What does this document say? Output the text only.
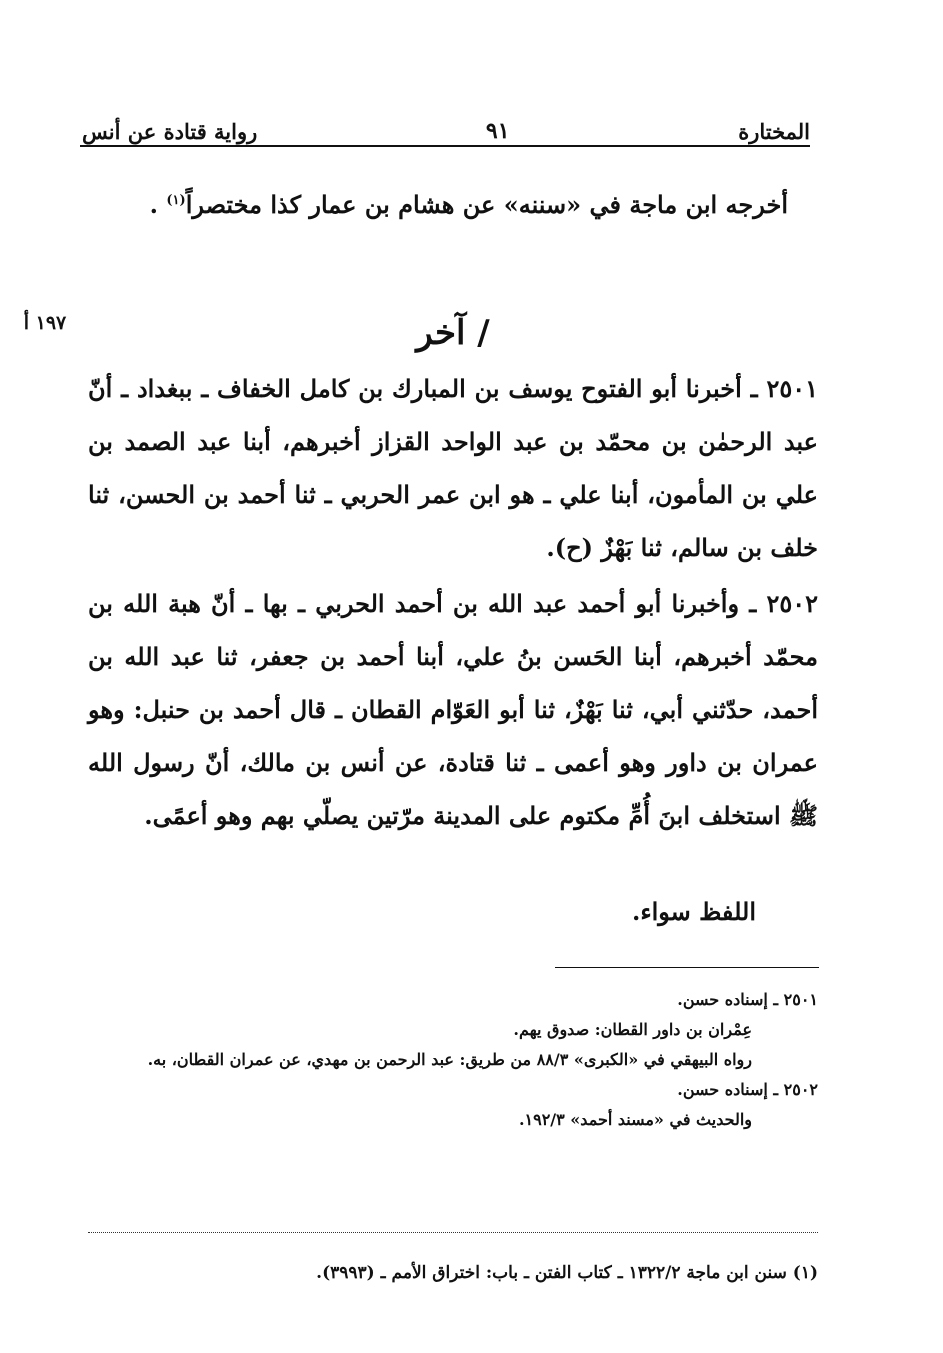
المختارة
٩١
رواية قتادة عن أنس
أخرجه ابن ماجة في «سننه» عن هشام بن عمار كذا مختصراً$^{(١)}$ .
١٩٧ أ	/ آخر
٢٥٠١ ـ أخبرنا أبو الفتوح يوسف بن المبارك بن كامل الخفاف ـ ببغداد ـ أنّ عبد الرحمٰن بن محمّد بن عبد الواحد القزاز أخبرهم، أبنا عبد الصمد بن علي بن المأمون، أبنا علي ـ هو ابن عمر الحربي ـ ثنا أحمد بن الحسن، ثنا خلف بن سالم، ثنا بَهْزٌ (ح).
٢٥٠٢ ـ وأخبرنا أبو أحمد عبد الله بن أحمد الحربي ـ بها ـ أنّ هبة الله بن محمّد أخبرهم، أبنا الحَسن بنُ علي، أبنا أحمد بن جعفر، ثنا عبد الله بن أحمد، حدّثني أبي، ثنا بَهْزٌ، ثنا أبو العَوّام القطان ـ قال أحمد بن حنبل: وهو عمران بن داور وهو أعمى ـ ثنا قتادة، عن أنس بن مالك، أنّ رسول الله ﷺ استخلف ابنَ أُمِّ مكتوم على المدينة مرّتين يصلّي بهم وهو أعمًى.
اللفظ سواء.
٢٥٠١ ـ إسناده حسن.
عِمْران بن داور القطان: صدوق يهم.
رواه البيهقي في «الكبرى» ٨٨/٣ من طريق: عبد الرحمن بن مهدي، عن عمران القطان، به.
٢٥٠٢ ـ إسناده حسن.
والحديث في «مسند أحمد» ١٩٢/٣.
(١) سنن ابن ماجة ١٣٢٢/٢ ـ كتاب الفتن ـ باب: اختراق الأمم ـ (٣٩٩٣).
